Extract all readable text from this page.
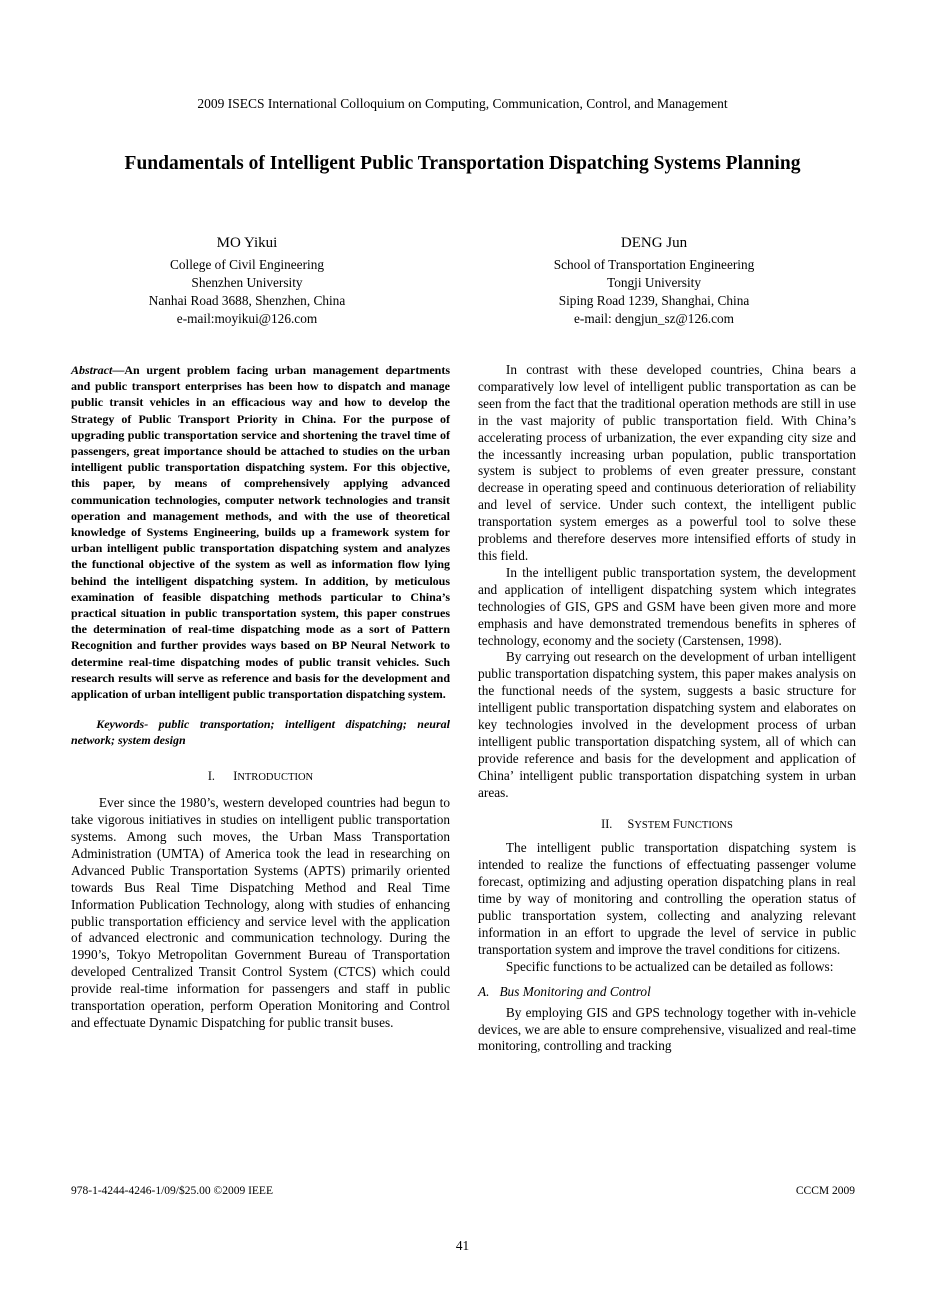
2009 ISECS International Colloquium on Computing, Communication, Control, and Management
Fundamentals of Intelligent Public Transportation Dispatching Systems Planning
MO Yikui
College of Civil Engineering
Shenzhen University
Nanhai Road 3688, Shenzhen, China
e-mail:moyikui@126.com
DENG Jun
School of Transportation Engineering
Tongji University
Siping Road 1239, Shanghai, China
e-mail: dengjun_sz@126.com

Abstract—An urgent problem facing urban management departments and public transport enterprises has been how to dispatch and manage public transit vehicles in an efficacious way and how to develop the Strategy of Public Transport Priority in China. For the purpose of upgrading public transportation service and shortening the travel time of passengers, great importance should be attached to studies on the urban intelligent public transportation dispatching system. For this objective, this paper, by means of comprehensively applying advanced communication technologies, computer network technologies and transit operation and management methods, and with the use of theoretical knowledge of Systems Engineering, builds up a framework system for urban intelligent public transportation dispatching system and analyzes the functional objective of the system as well as information flow lying behind the intelligent dispatching system. In addition, by meticulous examination of feasible dispatching methods particular to China’s practical situation in public transportation system, this paper construes the determination of real-time dispatching mode as a sort of Pattern Recognition and further provides ways based on BP Neural Network to determine real-time dispatching modes of public transit vehicles. Such research results will serve as reference and basis for the development and application of urban intelligent public transportation dispatching system.

Keywords- public transportation; intelligent dispatching; neural network; system design

I. INTRODUCTION

Ever since the 1980’s, western developed countries had begun to take vigorous initiatives in studies on intelligent public transportation systems. Among such moves, the Urban Mass Transportation Administration (UMTA) of America took the lead in researching on Advanced Public Transportation Systems (APTS) primarily oriented towards Bus Real Time Dispatching Method and Real Time Information Publication Technology, along with studies of enhancing public transportation efficiency and service level with the application of advanced electronic and communication technology. During the 1990’s, Tokyo Metropolitan Government Bureau of Transportation developed Centralized Transit Control System (CTCS) which could provide real-time information for passengers and staff in public transportation operation, perform Operation Monitoring and Control and effectuate Dynamic Dispatching for public transit buses.

In contrast with these developed countries, China bears a comparatively low level of intelligent public transportation as can be seen from the fact that the traditional operation methods are still in use in the vast majority of public transportation field. With China’s accelerating process of urbanization, the ever expanding city size and the incessantly increasing urban population, public transportation system is subject to problems of even greater pressure, constant decrease in operating speed and continuous deterioration of reliability and level of service. Under such context, the intelligent public transportation system emerges as a powerful tool to solve these problems and therefore deserves more intensified efforts of study in this field.

In the intelligent public transportation system, the development and application of intelligent dispatching system which integrates technologies of GIS, GPS and GSM have been given more and more emphasis and have demonstrated tremendous benefits in spheres of technology, economy and the society (Carstensen, 1998).

By carrying out research on the development of urban intelligent public transportation dispatching system, this paper makes analysis on the functional needs of the system, suggests a basic structure for intelligent public transportation dispatching system and elaborates on key technologies involved in the development process of urban intelligent public transportation dispatching system, all of which can provide reference and basis for the development and application of China’ intelligent public transportation dispatching system in urban areas.

II. SYSTEM FUNCTIONS

The intelligent public transportation dispatching system is intended to realize the functions of effectuating passenger volume forecast, optimizing and adjusting operation dispatching plans in real time by way of monitoring and controlling the operation status of public transportation system, collecting and analyzing relevant information in an effort to upgrade the level of service in public transportation system and improve the travel conditions for citizens.

Specific functions to be actualized can be detailed as follows:

A. Bus Monitoring and Control

By employing GIS and GPS technology together with in-vehicle devices, we are able to ensure comprehensive, visualized and real-time monitoring, controlling and tracking

978-1-4244-4246-1/09/$25.00 ©2009 IEEE	CCCM 2009
41
